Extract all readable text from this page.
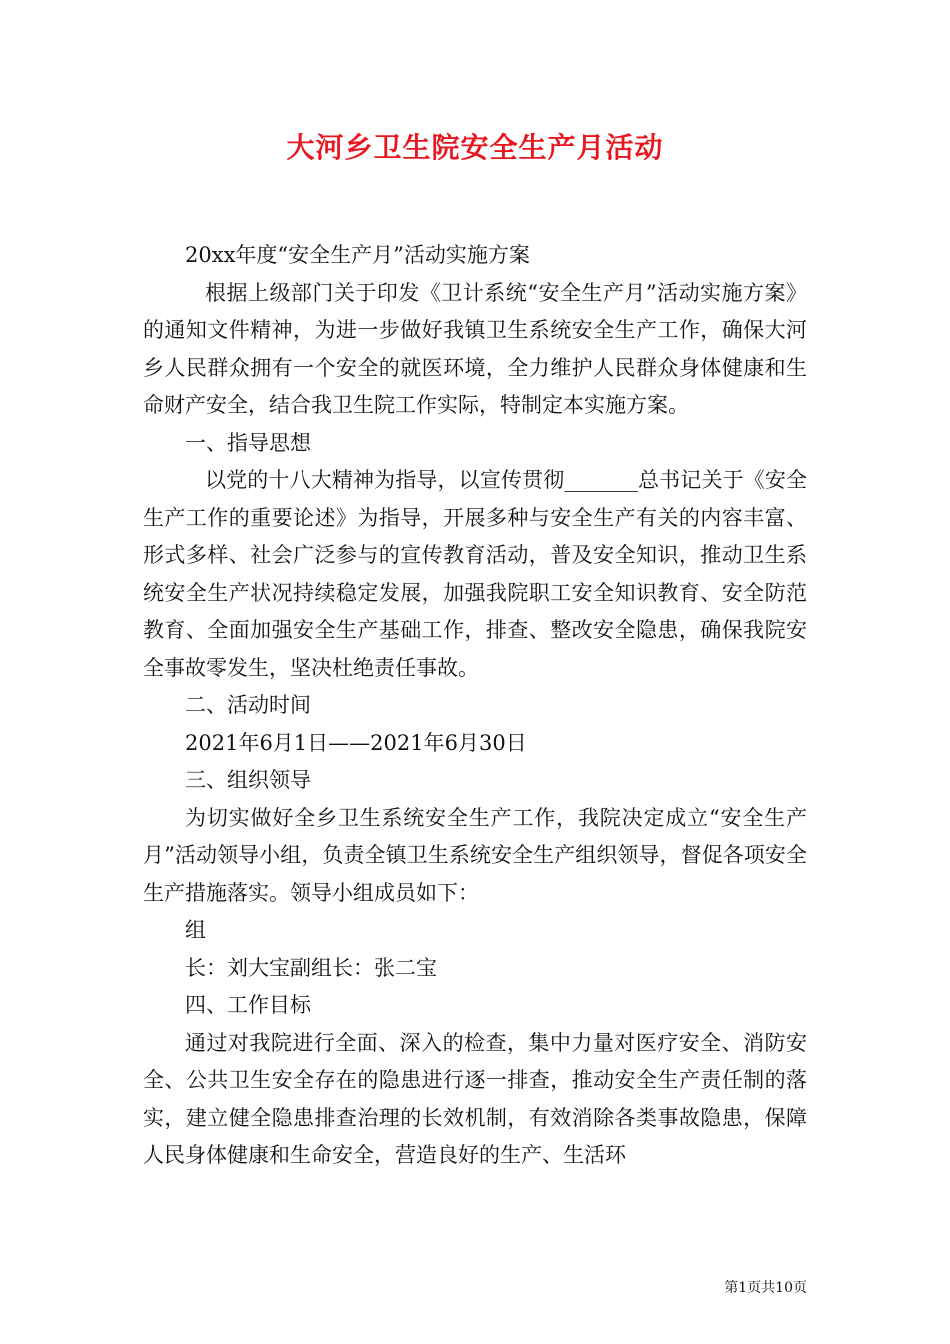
大河乡卫生院安全生产月活动

20xx年度“安全生产月”活动实施方案

根据上级部门关于印发《卫计系统“安全生产月”活动实施方案》的通知文件精神，为进一步做好我镇卫生系统安全生产工作，确保大河乡人民群众拥有一个安全的就医环境，全力维护人民群众身体健康和生命财产安全，结合我卫生院工作实际，特制定本实施方案。

一、指导思想

以党的十八大精神为指导，以宣传贯彻_______总书记关于《安全生产工作的重要论述》为指导，开展多种与安全生产有关的内容丰富、形式多样、社会广泛参与的宣传教育活动，普及安全知识，推动卫生系统安全生产状况持续稳定发展，加强我院职工安全知识教育、安全防范教育、全面加强安全生产基础工作，排查、整改安全隐患，确保我院安全事故零发生，坚决杜绝责任事故。

二、活动时间

2021年6月1日——2021年6月30日

三、组织领导

为切实做好全乡卫生系统安全生产工作，我院决定成立“安全生产月”活动领导小组，负责全镇卫生系统安全生产组织领导，督促各项安全生产措施落实。领导小组成员如下：

组

长：刘大宝副组长：张二宝

四、工作目标

通过对我院进行全面、深入的检查，集中力量对医疗安全、消防安全、公共卫生安全存在的隐患进行逐一排查，推动安全生产责任制的落实，建立健全隐患排查治理的长效机制，有效消除各类事故隐患，保障人民身体健康和生命安全，营造良好的生产、生活环

第1页共10页
